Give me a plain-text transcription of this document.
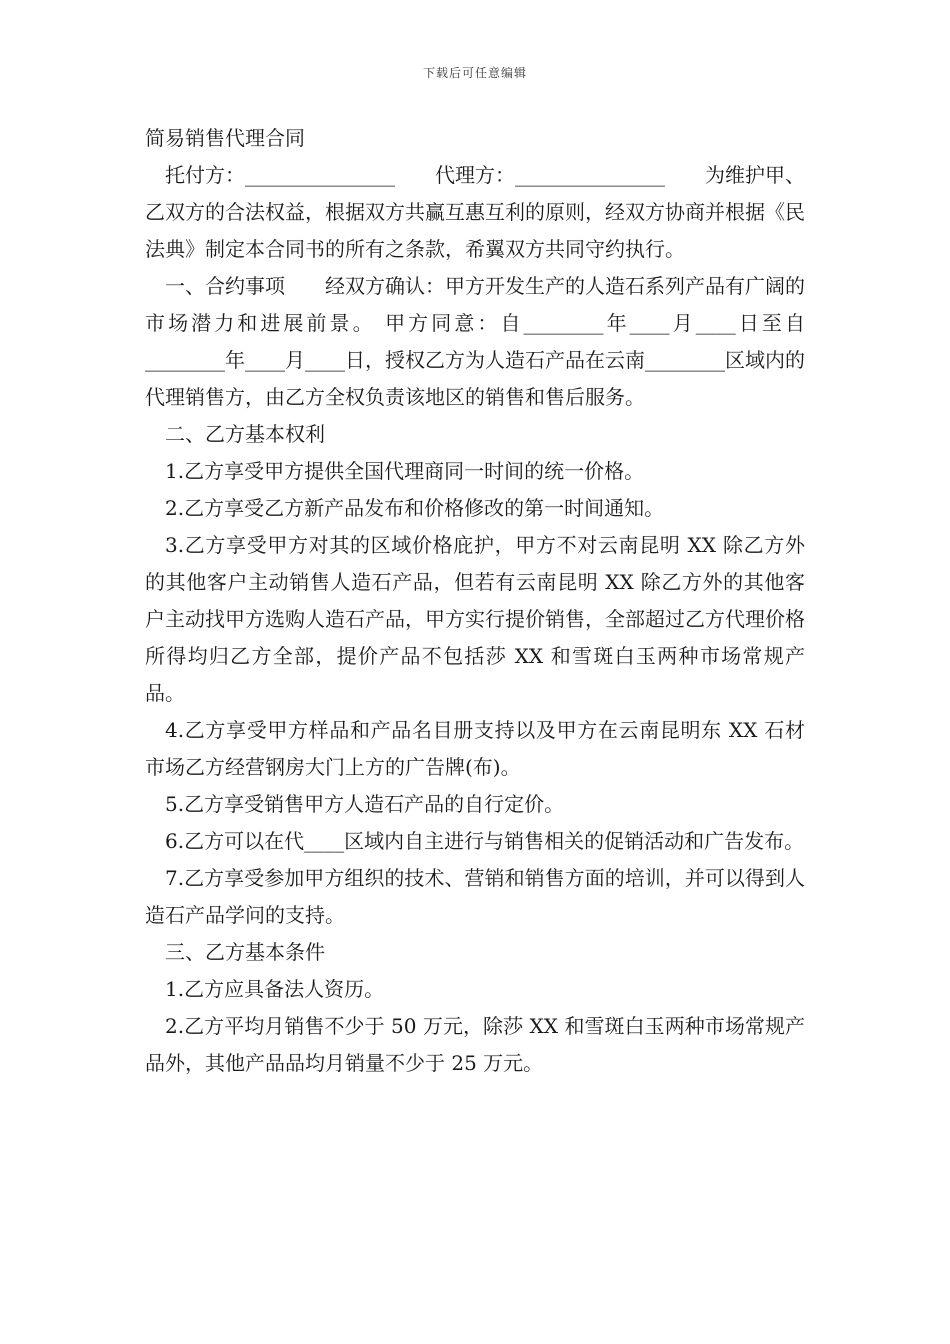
下载后可任意编辑
简易销售代理合同

托付方：_______________　　代理方：_______________　　为维护甲、乙双方的合法权益，根据双方共赢互惠互利的原则，经双方协商并根据《民法典》制定本合同书的所有之条款，希翼双方共同守约执行。

一、合约事项　　经双方确认：甲方开发生产的人造石系列产品有广阔的市场潜力和进展前景。 甲方同意：自________年____月____日至自________年____月____日，授权乙方为人造石产品在云南________区域内的代理销售方，由乙方全权负责该地区的销售和售后服务。

二、乙方基本权利

1.乙方享受甲方提供全国代理商同一时间的统一价格。

2.乙方享受乙方新产品发布和价格修改的第一时间通知。

3.乙方享受甲方对其的区域价格庇护，甲方不对云南昆明 XX 除乙方外的其他客户主动销售人造石产品，但若有云南昆明 XX 除乙方外的其他客户主动找甲方选购人造石产品，甲方实行提价销售，全部超过乙方代理价格所得均归乙方全部，提价产品不包括莎 XX 和雪斑白玉两种市场常规产品。

4.乙方享受甲方样品和产品名目册支持以及甲方在云南昆明东 XX 石材市场乙方经营钢房大门上方的广告牌(布)。

5.乙方享受销售甲方人造石产品的自行定价。

6.乙方可以在代____区域内自主进行与销售相关的促销活动和广告发布。

7.乙方享受参加甲方组织的技术、营销和销售方面的培训，并可以得到人造石产品学问的支持。

三、乙方基本条件

1.乙方应具备法人资历。

2.乙方平均月销售不少于 50 万元，除莎 XX 和雪斑白玉两种市场常规产品外，其他产品品均月销量不少于 25 万元。
